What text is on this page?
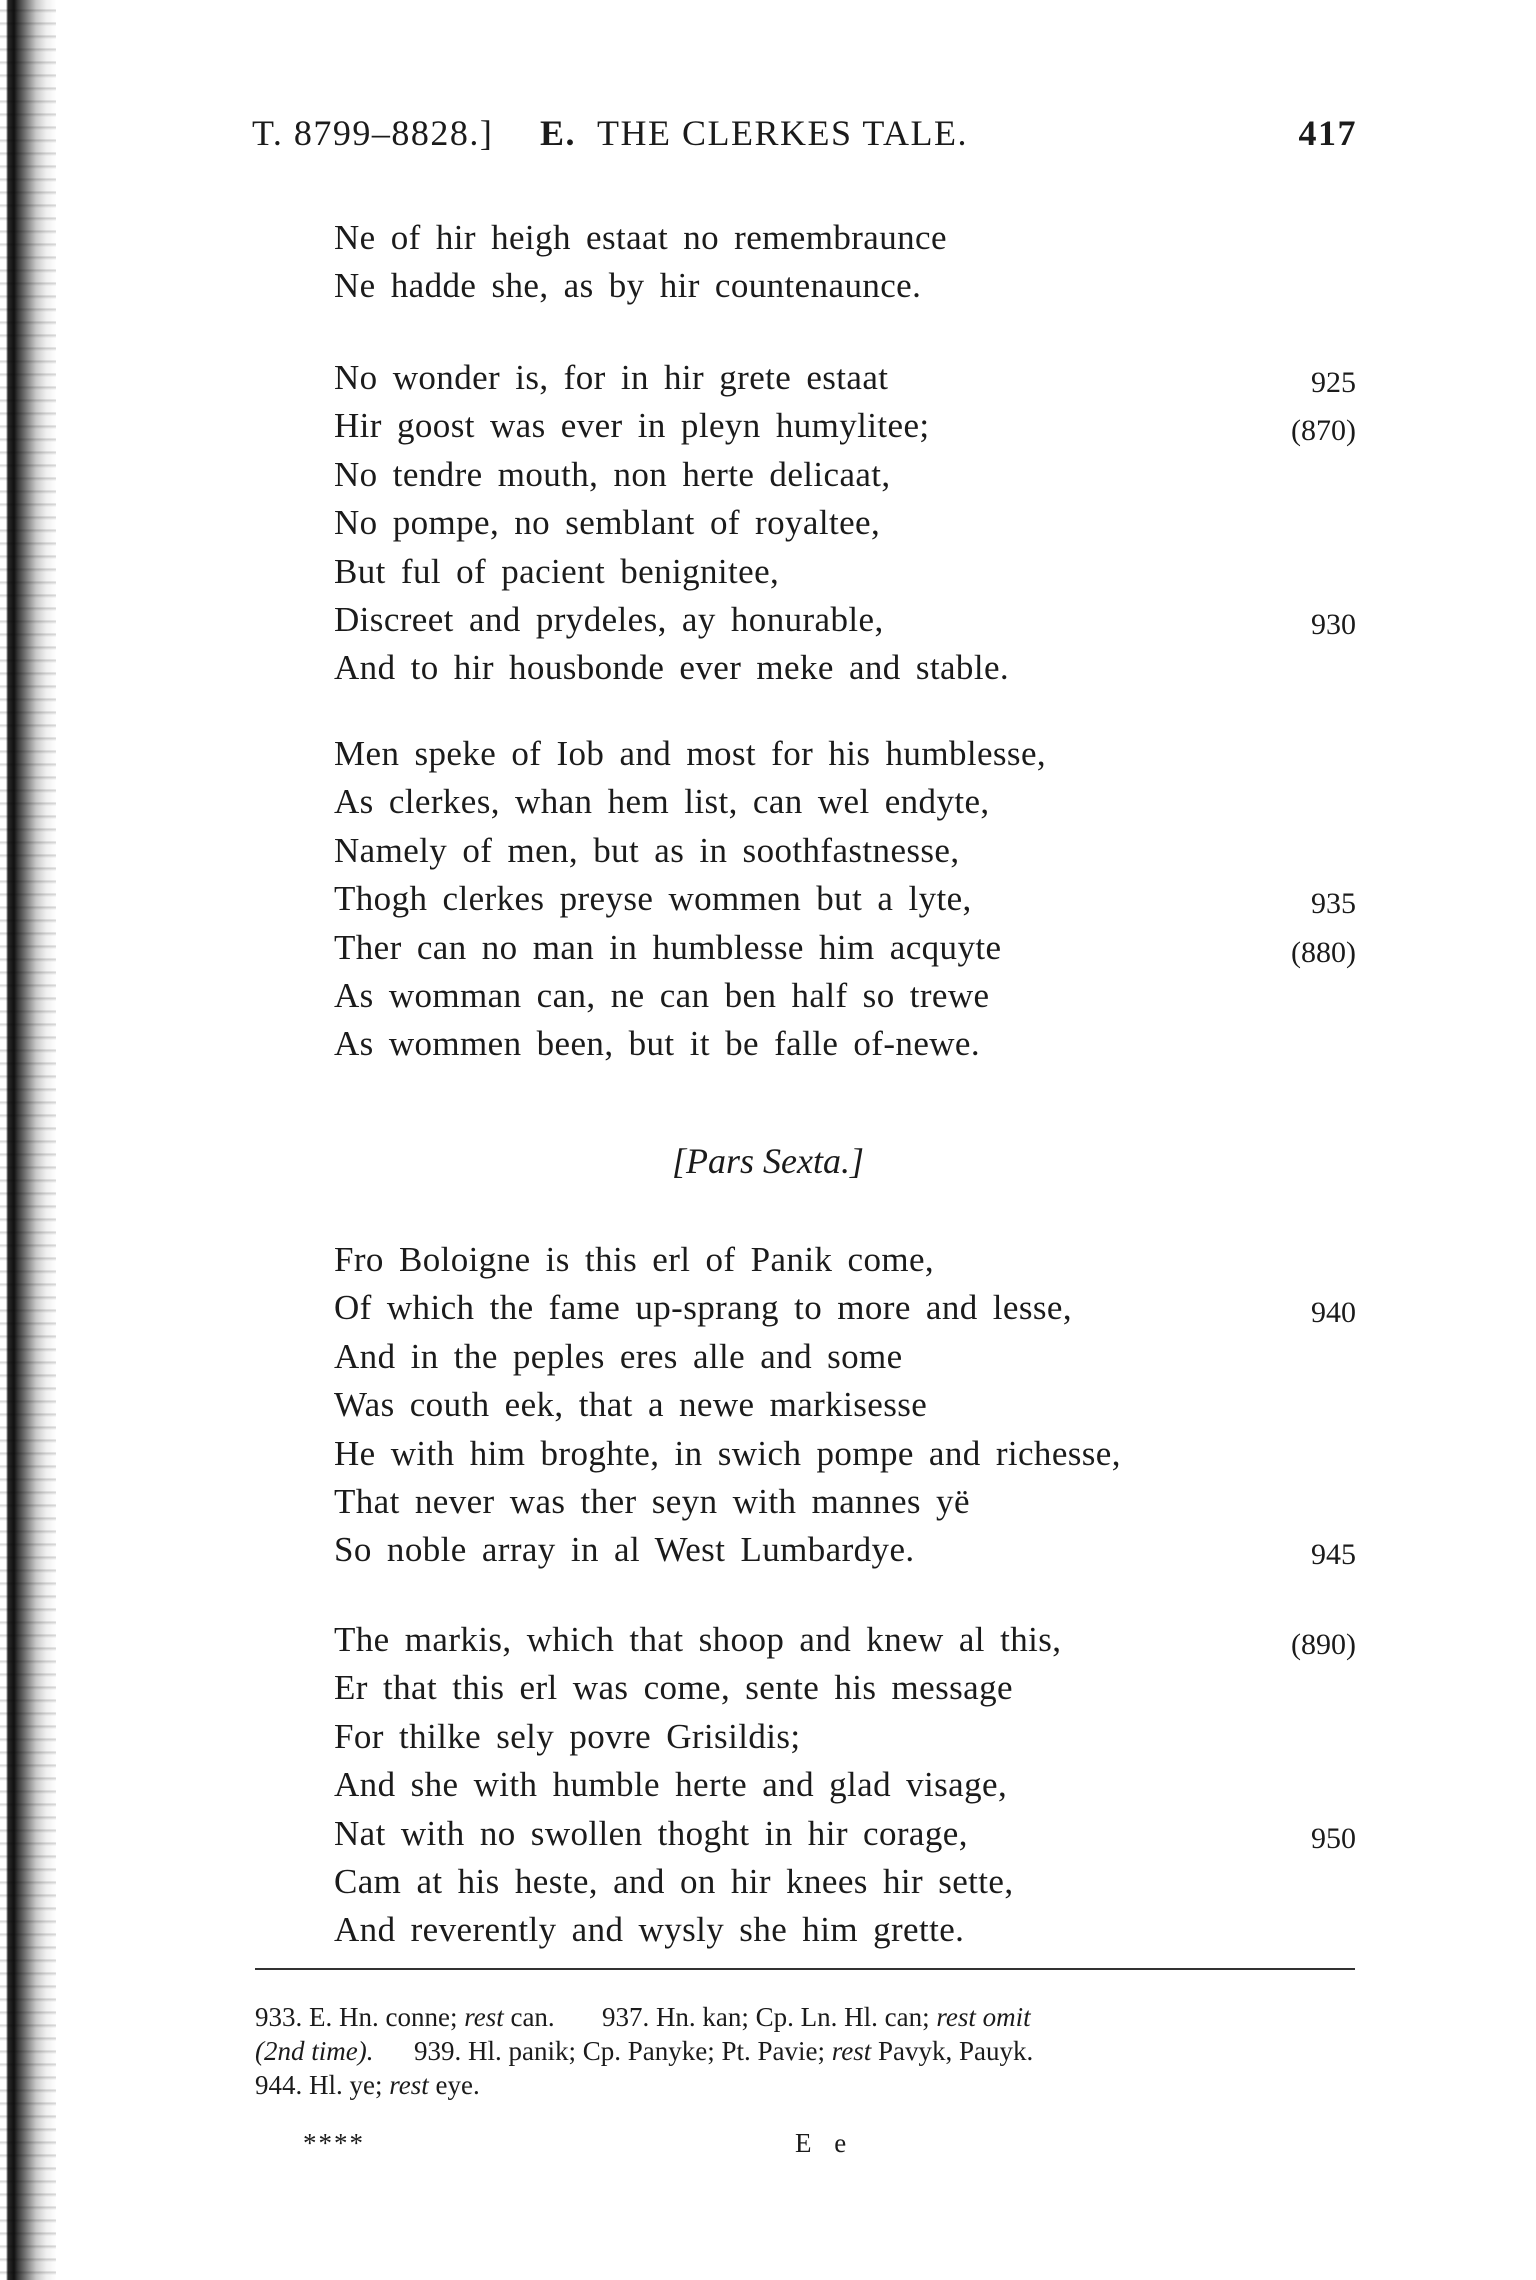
T. 8799–8828.] E. THE CLERKES TALE.	417
Ne of hir heigh estaat no remembraunce
Ne hadde she, as by hir countenaunce.
No wonder is, for in hir grete estaat	925
Hir goost was ever in pleyn humylitee;	(870)
No tendre mouth, non herte delicaat,
No pompe, no semblant of royaltee,
But ful of pacient benignitee,
Discreet and prydeles, ay honurable,	930
And to hir housbonde ever meke and stable.
Men speke of Iob and most for his humblesse,
As clerkes, whan hem list, can wel endyte,
Namely of men, but as in soothfastnesse,
Thogh clerkes preyse wommen but a lyte,	935
Ther can no man in humblesse him acquyte	(880)
As womman can, ne can ben half so trewe
As wommen been, but it be falle of-newe.
Fro Boloigne is this erl of Panik come,
Of which the fame up-sprang to more and lesse,	940
And in the peples eres alle and some
Was couth eek, that a newe markisesse
He with him broghte, in swich pompe and richesse,
That never was ther seyn with mannes yë
So noble array in al West Lumbardye.	945
The markis, which that shoop and knew al this,	(890)
Er that this erl was come, sente his message
For thilke sely povre Grisildis;
And she with humble herte and glad visage,
Nat with no swollen thoght in hir corage,	950
Cam at his heste, and on hir knees hir sette,
And reverently and wysly she him grette.
[Pars Sexta.]

933. E. Hn. conne; rest can. 937. Hn. kan; Cp. Ln. Hl. can; rest omit

(2nd time). 939. Hl. panik; Cp. Panyke; Pt. Pavie; rest Pavyk, Pauyk.

944. Hl. ye; rest eye.

****	E e
